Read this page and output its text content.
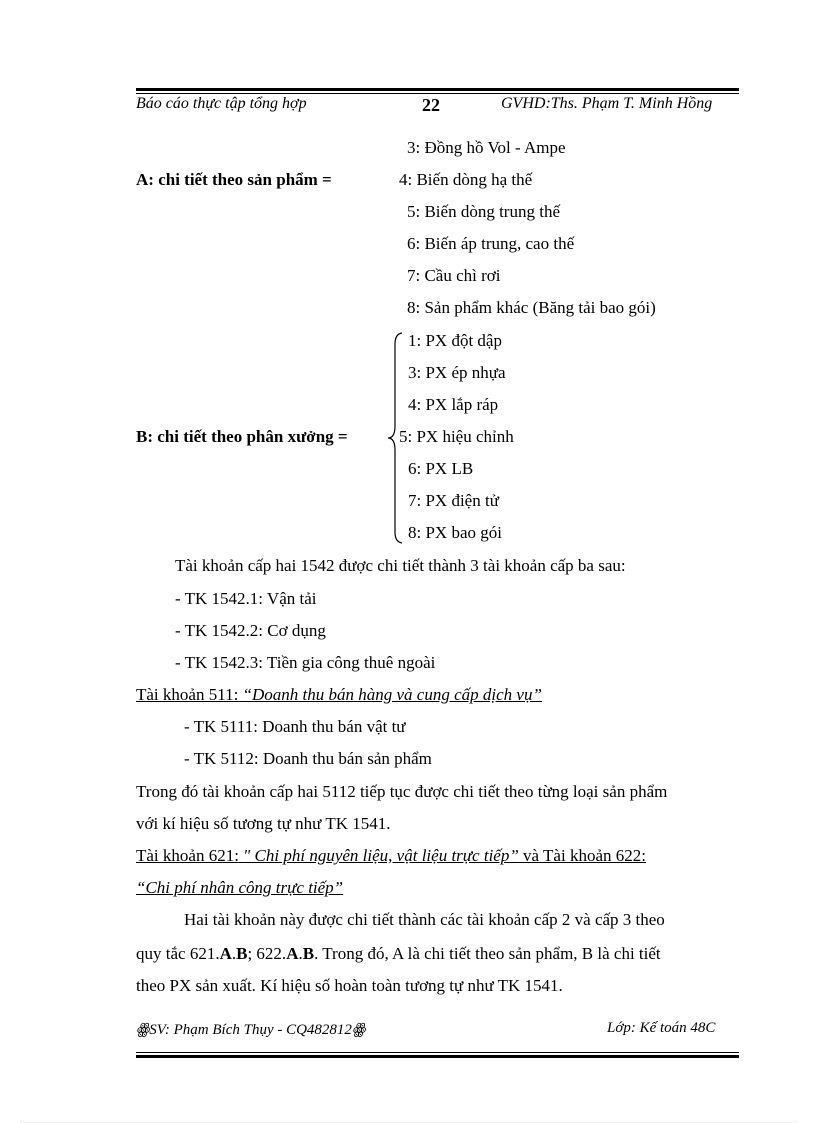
Báo cáo thực tập tổng hợp	22	GVHD:Ths. Phạm T. Minh Hồng
3: Đồng hồ Vol - Ampe
A: chi tiết theo sản phẩm =	4: Biến dòng hạ thế
5: Biến dòng trung thế
6: Biến áp trung, cao thế
7: Cầu chì rơi
8: Sản phẩm khác (Băng tải bao gói)
1: PX đột dập
3: PX ép nhựa
4: PX lắp ráp
B: chi tiết theo phân xưởng =	5: PX hiệu chỉnh
6: PX LB
7: PX điện tử
8: PX bao gói
Tài khoản cấp hai 1542 được chi tiết thành 3 tài khoản cấp ba sau:
- TK 1542.1: Vận tải
- TK 1542.2: Cơ dụng
- TK 1542.3: Tiền gia công thuê ngoài
Tài khoản 511: “Doanh thu bán hàng và cung cấp dịch vụ”
- TK 5111: Doanh thu bán vật tư
- TK 5112: Doanh thu bán sản phẩm
Trong đó tài khoản cấp hai 5112 tiếp tục được chi tiết theo từng loại sản phẩm
với kí hiệu số tương tự như TK 1541.
Tài khoản 621: " Chi phí nguyên liệu, vật liệu trực tiếp” và Tài khoản 622:
“Chi phí nhân công trực tiếp”
Hai tài khoản này được chi tiết thành các tài khoản cấp 2 và cấp 3 theo
quy tắc 621.A.B; 622.A.B. Trong đó, A là chi tiết theo sản phẩm, B là chi tiết
theo PX sản xuất. Kí hiệu số hoàn toàn tương tự như TK 1541.
ꙮSV: Phạm Bích Thụy - CQ482812ꙮ	Lớp: Kế toán 48C
